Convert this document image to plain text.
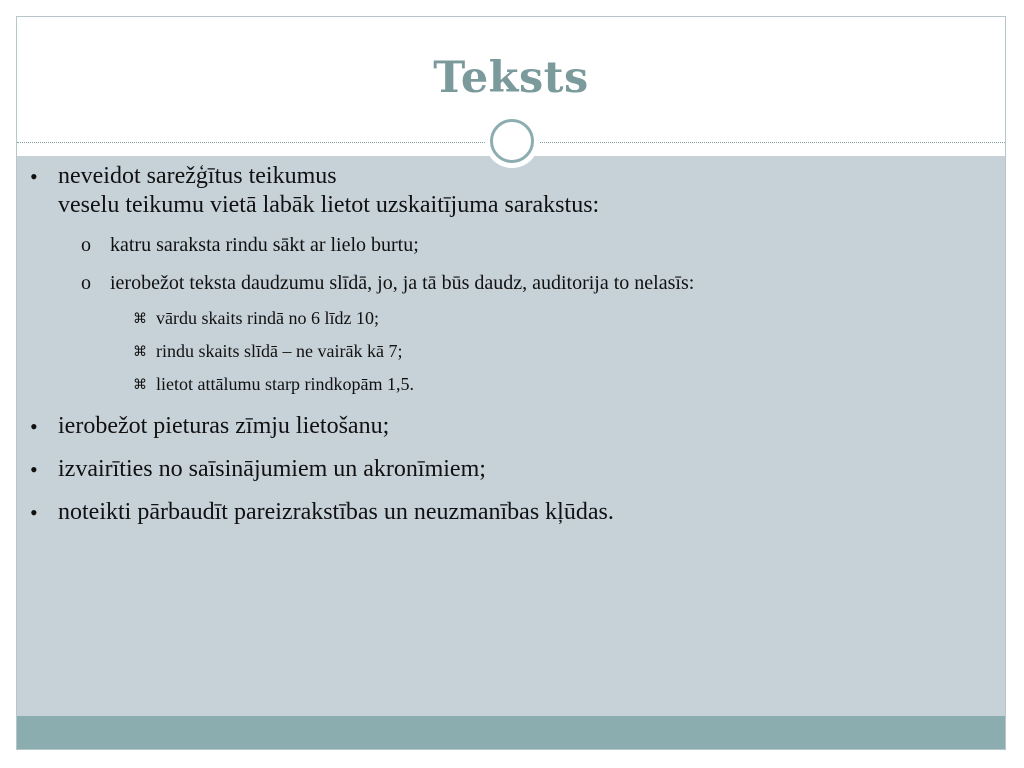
Teksts
• neveidot sarežģītus teikumus
veselu teikumu vietā labāk lietot uzskaitījuma sarakstus:
o katru saraksta rindu sākt ar lielo burtu;
o ierobežot teksta daudzumu slīdā, jo, ja tā būs daudz, auditorija to nelasīs:
⌘ vārdu skaits rindā no 6 līdz 10;
⌘ rindu skaits slīdā – ne vairāk kā 7;
⌘ lietot attālumu starp rindkopām 1,5.
• ierobežot pieturas zīmju lietošanu;
• izvairīties no saīsinājumiem un akronīmiem;
• noteikti pārbaudīt pareizrakstības un neuzmanības kļūdas.
